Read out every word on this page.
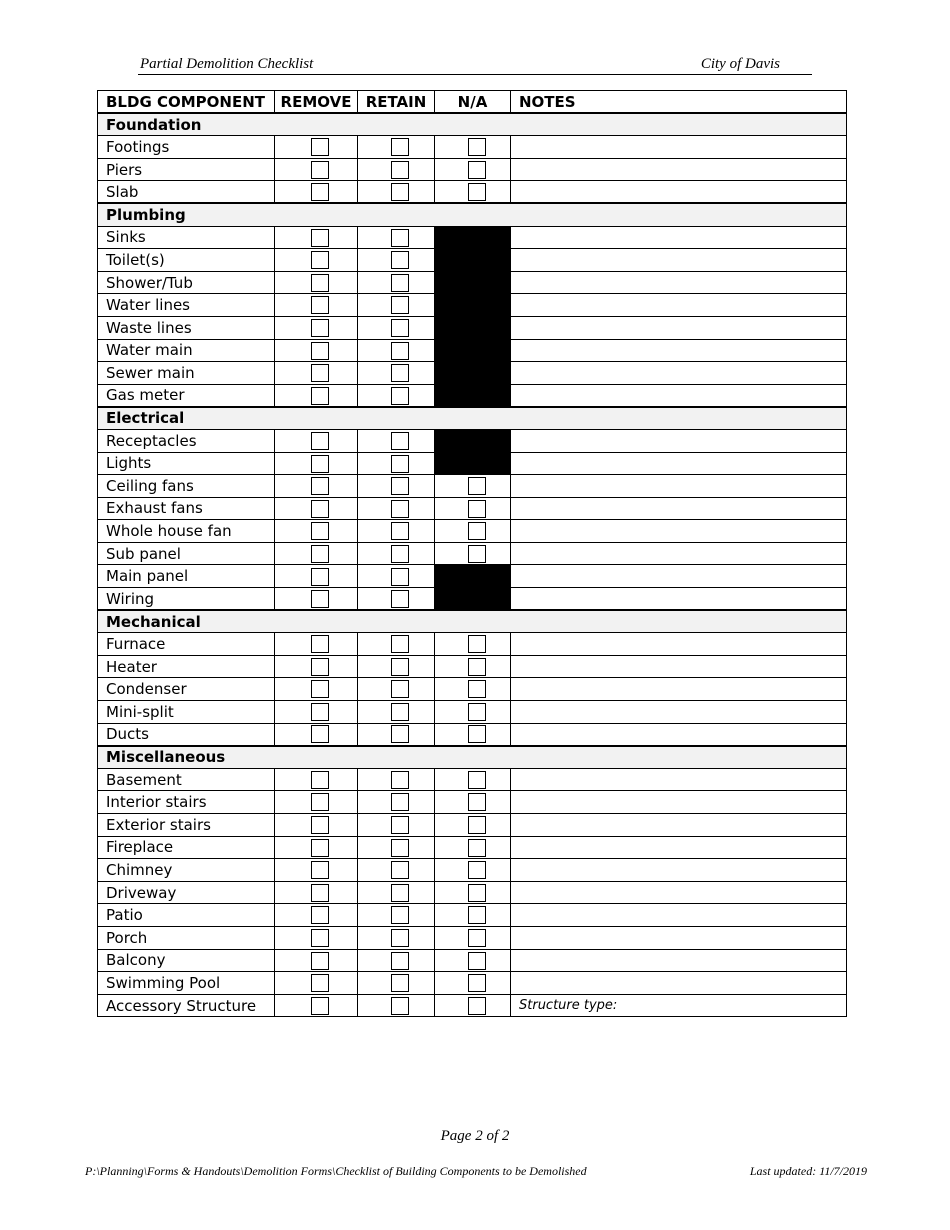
Partial Demolition Checklist	City of Davis
BLDG COMPONENT	REMOVE	RETAIN	N/A	NOTES
Foundation				
Footings				
Piers				
Slab				
Plumbing				
Sinks				
Toilet(s)				
Shower/Tub				
Water lines				
Waste lines				
Water main				
Sewer main				
Gas meter				
Electrical				
Receptacles				
Lights				
Ceiling fans				
Exhaust fans				
Whole house fan				
Sub panel				
Main panel				
Wiring				
Mechanical				
Furnace				
Heater				
Condenser				
Mini-split				
Ducts				
Miscellaneous				
Basement				
Interior stairs				
Exterior stairs				
Fireplace				
Chimney				
Driveway				
Patio				
Porch				
Balcony				
Swimming Pool				
Accessory Structure				Structure type:
Page 2 of 2
P:\Planning\Forms & Handouts\Demolition Forms\Checklist of Building Components to be Demolished	Last updated: 11/7/2019
